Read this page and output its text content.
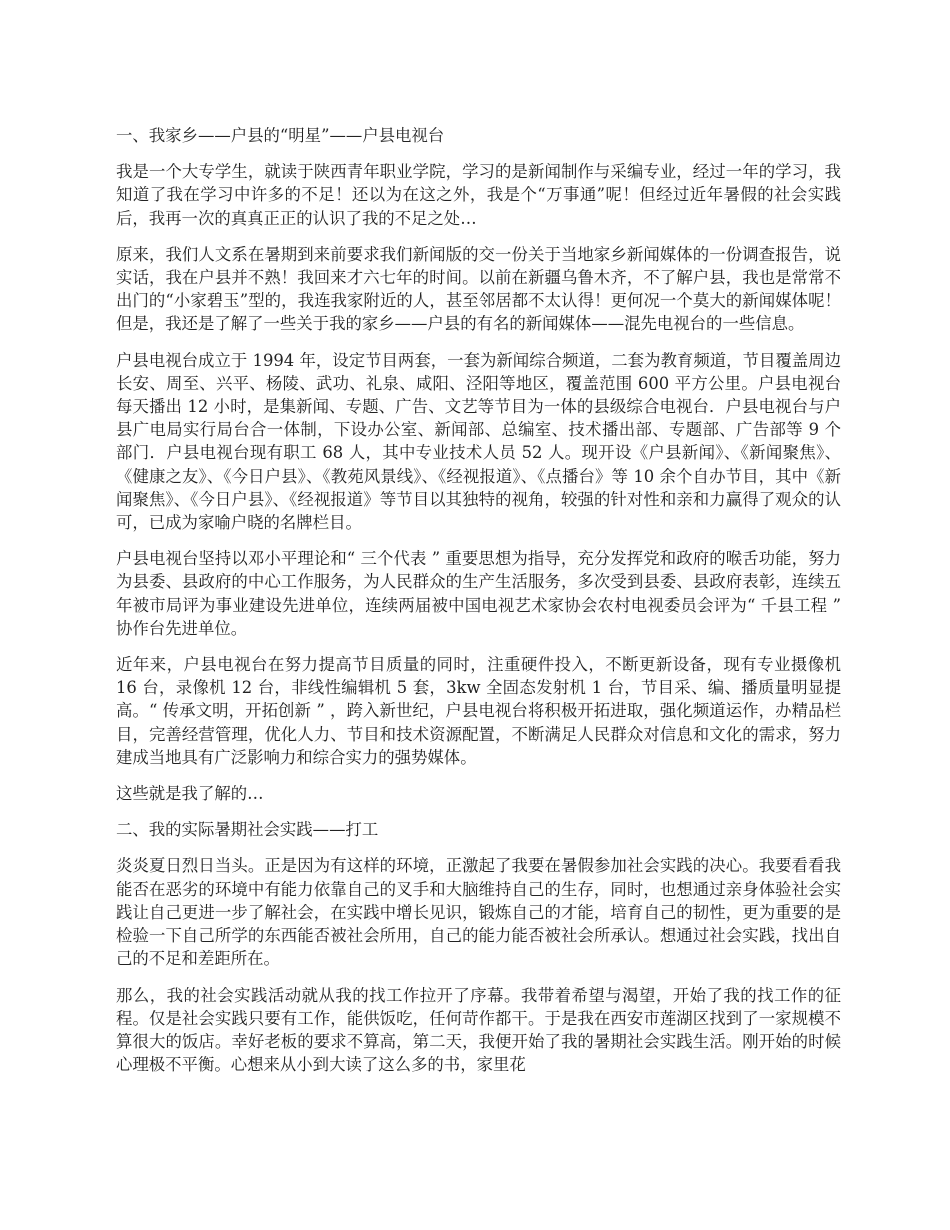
一、我家乡——户县的“明星”——户县电视台

我是一个大专学生，就读于陕西青年职业学院，学习的是新闻制作与采编专业，经过一年的学习，我知道了我在学习中许多的不足！还以为在这之外，我是个“万事通”呢！但经过近年暑假的社会实践后，我再一次的真真正正的认识了我的不足之处…

原来，我们人文系在暑期到来前要求我们新闻版的交一份关于当地家乡新闻媒体的一份调查报告，说实话，我在户县并不熟！我回来才六七年的时间。以前在新疆乌鲁木齐，不了解户县，我也是常常不出门的“小家碧玉”型的，我连我家附近的人，甚至邻居都不太认得！更何况一个莫大的新闻媒体呢！但是，我还是了解了一些关于我的家乡——户县的有名的新闻媒体——混先电视台的一些信息。

户县电视台成立于 1994 年，设定节目两套，一套为新闻综合频道，二套为教育频道，节目覆盖周边长安、周至、兴平、杨陵、武功、礼泉、咸阳、泾阳等地区，覆盖范围 600 平方公里。户县电视台每天播出 12 小时，是集新闻、专题、广告、文艺等节目为一体的县级综合电视台．户县电视台与户县广电局实行局台合一体制，下设办公室、新闻部、总编室、技术播出部、专题部、广告部等 9 个部门．户县电视台现有职工 68 人，其中专业技术人员 52 人。现开设《户县新闻》、《新闻聚焦》、《健康之友》、《今日户县》、《教苑风景线》、《经视报道》、《点播台》等 10 余个自办节目，其中《新闻聚焦》、《今日户县》、《经视报道》等节目以其独特的视角，较强的针对性和亲和力赢得了观众的认可，已成为家喻户晓的名牌栏目。

户县电视台坚持以邓小平理论和“ 三个代表 ” 重要思想为指导，充分发挥党和政府的喉舌功能，努力为县委、县政府的中心工作服务，为人民群众的生产生活服务，多次受到县委、县政府表彰，连续五年被市局评为事业建设先进单位，连续两届被中国电视艺术家协会农村电视委员会评为“ 千县工程 ” 协作台先进单位。

近年来，户县电视台在努力提高节目质量的同时，注重硬件投入，不断更新设备，现有专业摄像机 16 台，录像机 12 台，非线性编辑机 5 套，3kw 全固态发射机 1 台，节目采、编、播质量明显提高。“ 传承文明，开拓创新 ” ，跨入新世纪，户县电视台将积极开拓进取，强化频道运作，办精品栏目，完善经营管理，优化人力、节目和技术资源配置，不断满足人民群众对信息和文化的需求，努力建成当地具有广泛影响力和综合实力的强势媒体。

这些就是我了解的…

二、我的实际暑期社会实践——打工

炎炎夏日烈日当头。正是因为有这样的环境，正激起了我要在暑假参加社会实践的决心。我要看看我能否在恶劣的环境中有能力依靠自己的叉手和大脑维持自己的生存，同时，也想通过亲身体验社会实践让自己更进一步了解社会，在实践中增长见识，锻炼自己的才能，培育自己的韧性，更为重要的是检验一下自己所学的东西能否被社会所用，自己的能力能否被社会所承认。想通过社会实践，找出自己的不足和差距所在。

那么，我的社会实践活动就从我的找工作拉开了序幕。我带着希望与渴望，开始了我的找工作的征程。仅是社会实践只要有工作，能供饭吃，任何苛作都干。于是我在西安市莲湖区找到了一家规模不算很大的饭店。幸好老板的要求不算高，第二天，我便开始了我的暑期社会实践生活。刚开始的时候心理极不平衡。心想来从小到大读了这么多的书，家里花
